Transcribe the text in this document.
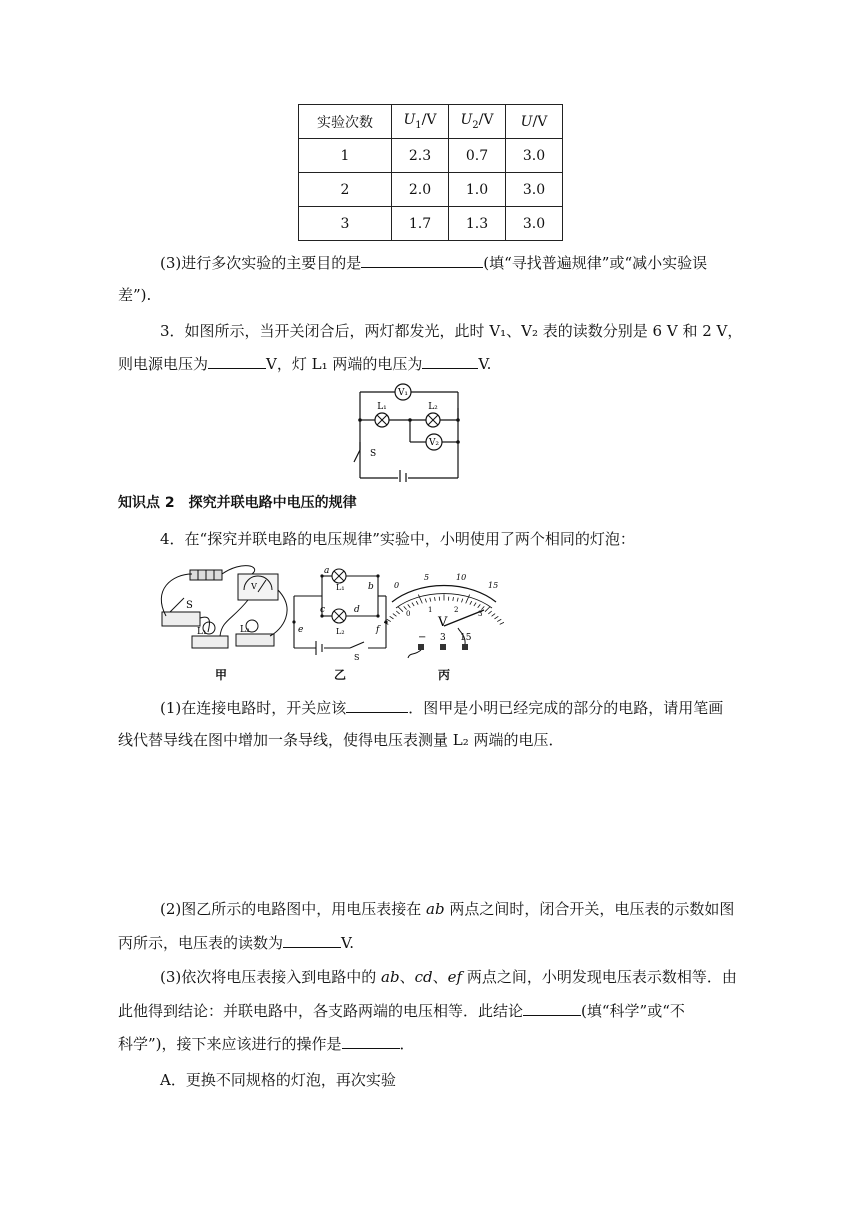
实验次数	$U_1/V$	$U_2/V$	U/V
1	2.3	0.7	3.0
2	2.0	1.0	3.0
3	1.7	1.3	3.0
(3)进行多次实验的主要目的是	(填“寻找普遍规律”或“减小实验误
差”).
3．如图所示，当开关闭合后，两灯都发光，此时 V₁、V₂ 表的读数分别是 6 V 和 2 V，
则电源电压为	V，灯 L₁ 两端的电压为	V.
V₁
V₂
L₁	L₂
S
知识点 2　探究并联电路中电压的规律
4．在“探究并联电路的电压规律”实验中，小明使用了两个相同的灯泡：
S
V
L₁	L₂
甲
a
b
c	d
e	f
L₁
L₂
S
乙
0
5	10
15
0	1	2	3
V
− 3 15
丙
(1)在连接电路时，开关应该	．图甲是小明已经完成的部分的电路，请用笔画
线代替导线在图中增加一条导线，使得电压表测量 L₂ 两端的电压．
(2)图乙所示的电路图中，用电压表接在 ab 两点之间时，闭合开关，电压表的示数如图
丙所示，电压表的读数为	V.
(3)依次将电压表接入到电路中的 ab、cd、ef 两点之间，小明发现电压表示数相等．由
此他得到结论：并联电路中，各支路两端的电压相等．此结论	(填“科学”或“不
科学”)，接下来应该进行的操作是	．
A．更换不同规格的灯泡，再次实验
